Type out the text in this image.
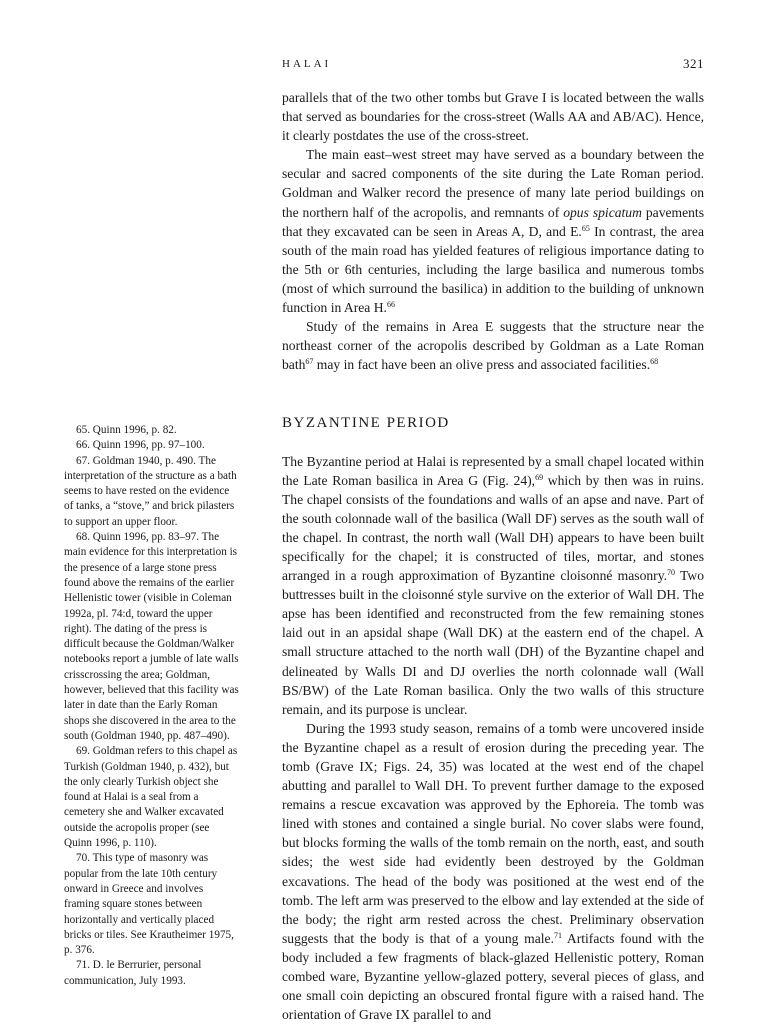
HALAI	321

parallels that of the two other tombs but Grave I is located between the walls that served as boundaries for the cross-street (Walls AA and AB/AC). Hence, it clearly postdates the use of the cross-street.

The main east–west street may have served as a boundary between the secular and sacred components of the site during the Late Roman period. Goldman and Walker record the presence of many late period buildings on the northern half of the acropolis, and remnants of opus spicatum pavements that they excavated can be seen in Areas A, D, and E.$^{65}$ In contrast, the area south of the main road has yielded features of religious importance dating to the 5th or 6th centuries, including the large basilica and numerous tombs (most of which surround the basilica) in addition to the building of unknown function in Area H.$^{66}$

Study of the remains in Area E suggests that the structure near the northeast corner of the acropolis described by Goldman as a Late Roman bath$^{67}$ may in fact have been an olive press and associated facilities.$^{68}$

BYZANTINE PERIOD

The Byzantine period at Halai is represented by a small chapel located within the Late Roman basilica in Area G (Fig. 24),$^{69}$ which by then was in ruins. The chapel consists of the foundations and walls of an apse and nave. Part of the south colonnade wall of the basilica (Wall DF) serves as the south wall of the chapel. In contrast, the north wall (Wall DH) appears to have been built specifically for the chapel; it is constructed of tiles, mortar, and stones arranged in a rough approximation of Byzantine cloisonné masonry.$^{70}$ Two buttresses built in the cloisonné style survive on the exterior of Wall DH. The apse has been identified and reconstructed from the few remaining stones laid out in an apsidal shape (Wall DK) at the eastern end of the chapel. A small structure attached to the north wall (DH) of the Byzantine chapel and delineated by Walls DI and DJ overlies the north colonnade wall (Wall BS/BW) of the Late Roman basilica. Only the two walls of this structure remain, and its purpose is unclear.

During the 1993 study season, remains of a tomb were uncovered inside the Byzantine chapel as a result of erosion during the preceding year. The tomb (Grave IX; Figs. 24, 35) was located at the west end of the chapel abutting and parallel to Wall DH. To prevent further damage to the exposed remains a rescue excavation was approved by the Ephoreia. The tomb was lined with stones and contained a single burial. No cover slabs were found, but blocks forming the walls of the tomb remain on the north, east, and south sides; the west side had evidently been destroyed by the Goldman excavations. The head of the body was positioned at the west end of the tomb. The left arm was preserved to the elbow and lay extended at the side of the body; the right arm rested across the chest. Preliminary observation suggests that the body is that of a young male.$^{71}$ Artifacts found with the body included a few fragments of black-glazed Hellenistic pottery, Roman combed ware, Byzantine yellow-glazed pottery, several pieces of glass, and one small coin depicting an obscured frontal figure with a raised hand. The orientation of Grave IX parallel to and

65. Quinn 1996, p. 82.

66. Quinn 1996, pp. 97–100.

67. Goldman 1940, p. 490. The interpretation of the structure as a bath seems to have rested on the evidence of tanks, a “stove,” and brick pilasters to support an upper floor.

68. Quinn 1996, pp. 83–97. The main evidence for this interpretation is the presence of a large stone press found above the remains of the earlier Hellenistic tower (visible in Coleman 1992a, pl. 74:d, toward the upper right). The dating of the press is difficult because the Goldman/Walker notebooks report a jumble of late walls crisscrossing the area; Goldman, however, believed that this facility was later in date than the Early Roman shops she discovered in the area to the south (Goldman 1940, pp. 487–490).

69. Goldman refers to this chapel as Turkish (Goldman 1940, p. 432), but the only clearly Turkish object she found at Halai is a seal from a cemetery she and Walker excavated outside the acropolis proper (see Quinn 1996, p. 110).

70. This type of masonry was popular from the late 10th century onward in Greece and involves framing square stones between horizontally and vertically placed bricks or tiles. See Krautheimer 1975, p. 376.

71. D. le Berrurier, personal communication, July 1993.
